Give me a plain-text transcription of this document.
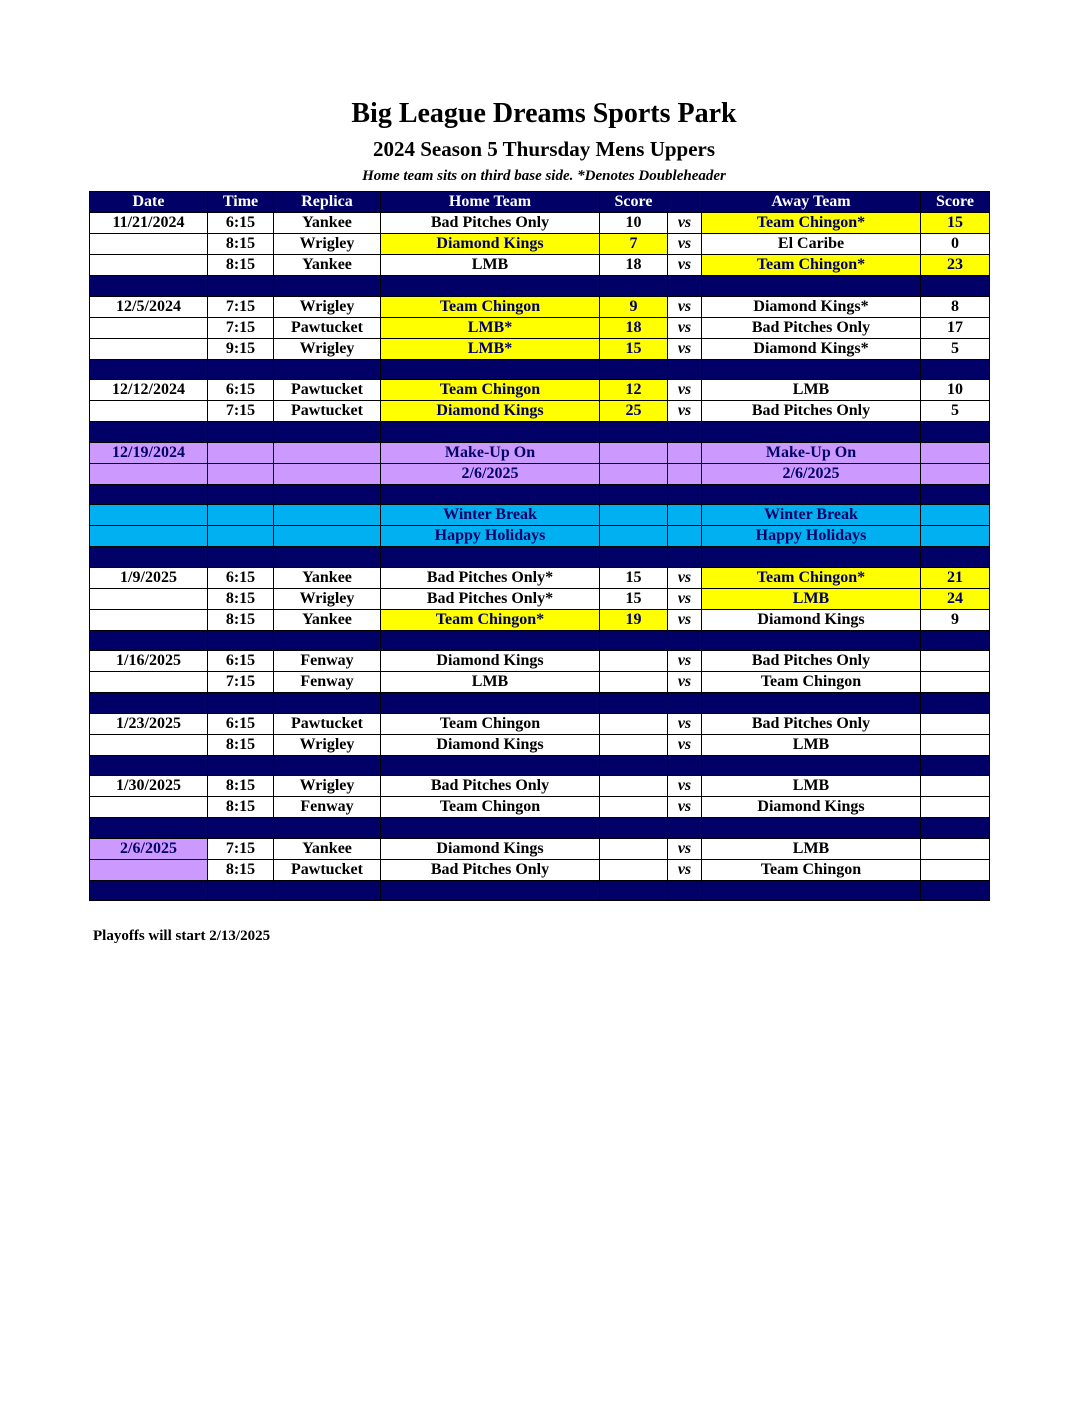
Big League Dreams Sports Park
2024 Season 5 Thursday Mens Uppers
Home team sits on third base side. *Denotes Doubleheader
Date	Time	Replica	Home Team	Score		Away Team	Score
11/21/2024	6:15	Yankee	Bad Pitches Only	10	vs	Team Chingon*	15
	8:15	Wrigley	Diamond Kings	7	vs	El Caribe	0
	8:15	Yankee	LMB	18	vs	Team Chingon*	23

12/5/2024	7:15	Wrigley	Team Chingon	9	vs	Diamond Kings*	8
	7:15	Pawtucket	LMB*	18	vs	Bad Pitches Only	17
	9:15	Wrigley	LMB*	15	vs	Diamond Kings*	5

12/12/2024	6:15	Pawtucket	Team Chingon	12	vs	LMB	10
	7:15	Pawtucket	Diamond Kings	25	vs	Bad Pitches Only	5

12/19/2024			Make-Up On			Make-Up On	
			2/6/2025			2/6/2025	

			Winter Break			Winter Break	
			Happy Holidays			Happy Holidays	

1/9/2025	6:15	Yankee	Bad Pitches Only*	15	vs	Team Chingon*	21
	8:15	Wrigley	Bad Pitches Only*	15	vs	LMB	24
	8:15	Yankee	Team Chingon*	19	vs	Diamond Kings	9

1/16/2025	6:15	Fenway	Diamond Kings		vs	Bad Pitches Only	
	7:15	Fenway	LMB		vs	Team Chingon	

1/23/2025	6:15	Pawtucket	Team Chingon		vs	Bad Pitches Only	
	8:15	Wrigley	Diamond Kings		vs	LMB	

1/30/2025	8:15	Wrigley	Bad Pitches Only		vs	LMB	
	8:15	Fenway	Team Chingon		vs	Diamond Kings	

2/6/2025	7:15	Yankee	Diamond Kings		vs	LMB	
	8:15	Pawtucket	Bad Pitches Only		vs	Team Chingon	

Playoffs will start 2/13/2025
